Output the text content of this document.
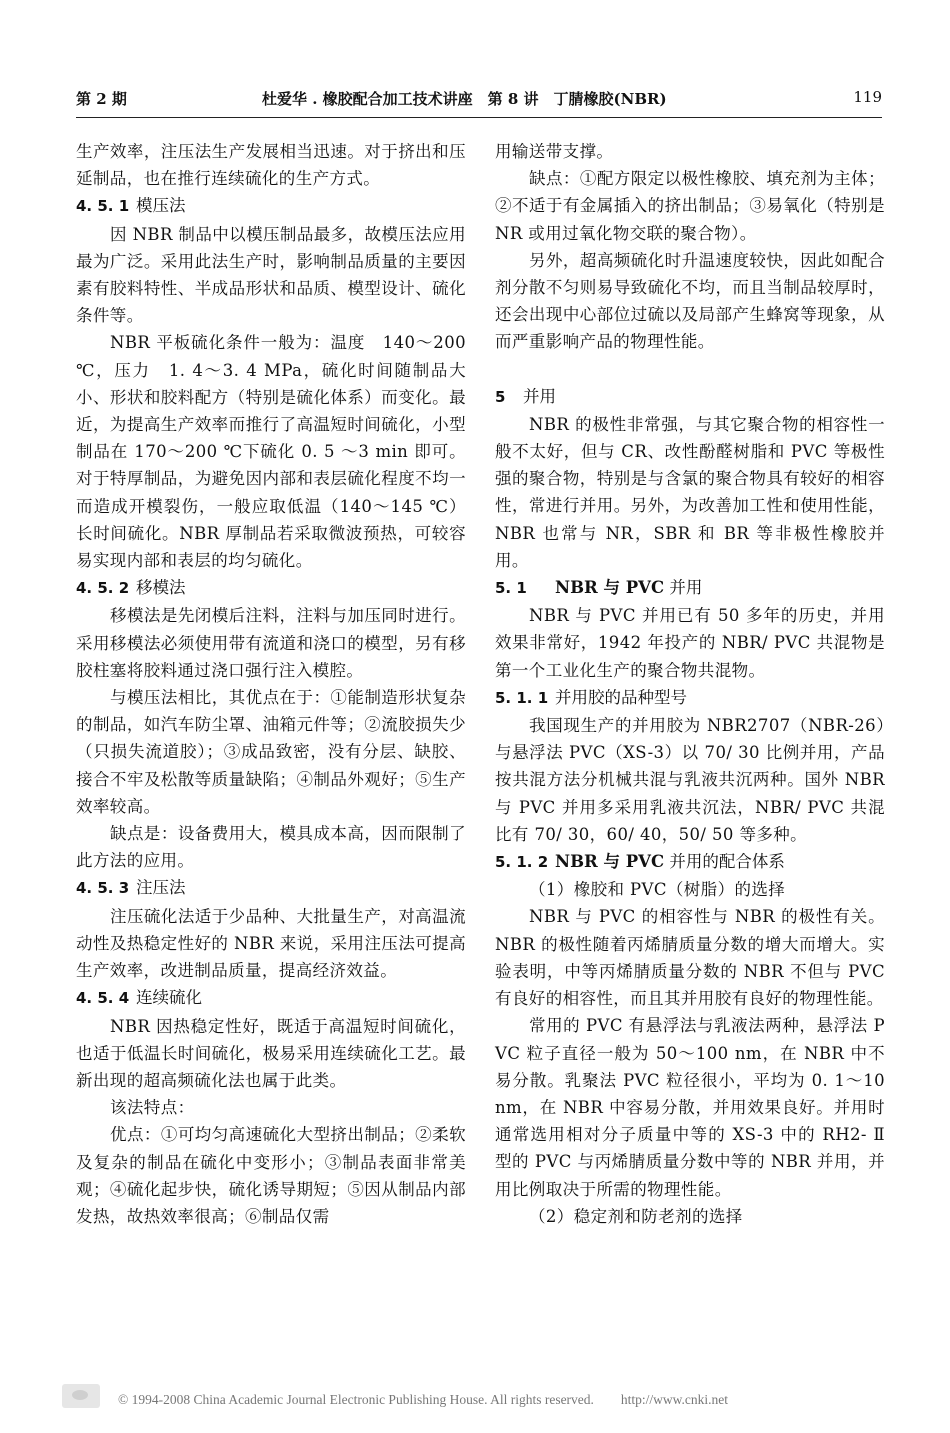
第 2 期	杜爱华 . 橡胶配合加工技术讲座　第 8 讲　丁腈橡胶(NBR)	119

生产效率，注压法生产发展相当迅速。对于挤出和压延制品，也在推行连续硫化的生产方式。

4. 5. 1 模压法

因 NBR 制品中以模压制品最多，故模压法应用最为广泛。采用此法生产时，影响制品质量的主要因素有胶料特性、半成品形状和品质、模型设计、硫化条件等。

NBR 平板硫化条件一般为：温度　140～200 ℃，压力　1. 4～3. 4 MPa，硫化时间随制品大小、形状和胶料配方（特别是硫化体系）而变化。最近，为提高生产效率而推行了高温短时间硫化，小型制品在 170～200 ℃下硫化 0. 5 ～3 min 即可。对于特厚制品，为避免因内部和表层硫化程度不均一而造成开模裂伤，一般应取低温（140～145 ℃）长时间硫化。NBR 厚制品若采取微波预热，可较容易实现内部和表层的均匀硫化。

4. 5. 2 移模法

移模法是先闭模后注料，注料与加压同时进行。采用移模法必须使用带有流道和浇口的模型，另有移胶柱塞将胶料通过浇口强行注入模腔。

与模压法相比，其优点在于：①能制造形状复杂的制品，如汽车防尘罩、油箱元件等；②流胶损失少（只损失流道胶）；③成品致密，没有分层、缺胶、接合不牢及松散等质量缺陷；④制品外观好；⑤生产效率较高。

缺点是：设备费用大，模具成本高，因而限制了此方法的应用。

4. 5. 3 注压法

注压硫化法适于少品种、大批量生产，对高温流动性及热稳定性好的 NBR 来说，采用注压法可提高生产效率，改进制品质量，提高经济效益。

4. 5. 4 连续硫化

NBR 因热稳定性好，既适于高温短时间硫化，也适于低温长时间硫化，极易采用连续硫化工艺。最新出现的超高频硫化法也属于此类。

该法特点：

优点：①可均匀高速硫化大型挤出制品；②柔软及复杂的制品在硫化中变形小；③制品表面非常美观；④硫化起步快，硫化诱导期短；⑤因从制品内部发热，故热效率很高；⑥制品仅需

用输送带支撑。

缺点：①配方限定以极性橡胶、填充剂为主体；②不适于有金属插入的挤出制品；③易氧化（特别是 NR 或用过氧化物交联的聚合物）。

另外，超高频硫化时升温速度较快，因此如配合剂分散不匀则易导致硫化不均，而且当制品较厚时，还会出现中心部位过硫以及局部产生蜂窝等现象，从而严重影响产品的物理性能。

5 并用

NBR 的极性非常强，与其它聚合物的相容性一般不太好，但与 CR、改性酚醛树脂和 PVC 等极性强的聚合物，特别是与含氯的聚合物具有较好的相容性，常进行并用。另外，为改善加工性和使用性能，NBR 也常与 NR，SBR 和 BR 等非极性橡胶并用。

5. 1 NBR 与 PVC 并用

NBR 与 PVC 并用已有 50 多年的历史，并用效果非常好，1942 年投产的 NBR/ PVC 共混物是第一个工业化生产的聚合物共混物。

5. 1. 1 并用胶的品种型号

我国现生产的并用胶为 NBR2707（NBR-26）与悬浮法 PVC（XS-3）以 70/ 30 比例并用，产品按共混方法分机械共混与乳液共沉两种。国外 NBR 与 PVC 并用多采用乳液共沉法，NBR/ PVC 共混比有 70/ 30，60/ 40，50/ 50 等多种。

5. 1. 2 NBR 与 PVC 并用的配合体系

（1）橡胶和 PVC（树脂）的选择

NBR 与 PVC 的相容性与 NBR 的极性有关。NBR 的极性随着丙烯腈质量分数的增大而增大。实验表明，中等丙烯腈质量分数的 NBR 不但与 PVC 有良好的相容性，而且其并用胶有良好的物理性能。

常用的 PVC 有悬浮法与乳液法两种，悬浮法 PVC 粒子直径一般为 50～100 nm，在 NBR 中不易分散。乳聚法 PVC 粒径很小，平均为 0. 1～10 nm，在 NBR 中容易分散，并用效果良好。并用时通常选用相对分子质量中等的 XS-3 中的 RH2- Ⅱ型的 PVC 与丙烯腈质量分数中等的 NBR 并用，并用比例取决于所需的物理性能。

（2）稳定剂和防老剂的选择

© 1994-2008 China Academic Journal Electronic Publishing House. All rights reserved.　　http://www.cnki.net
